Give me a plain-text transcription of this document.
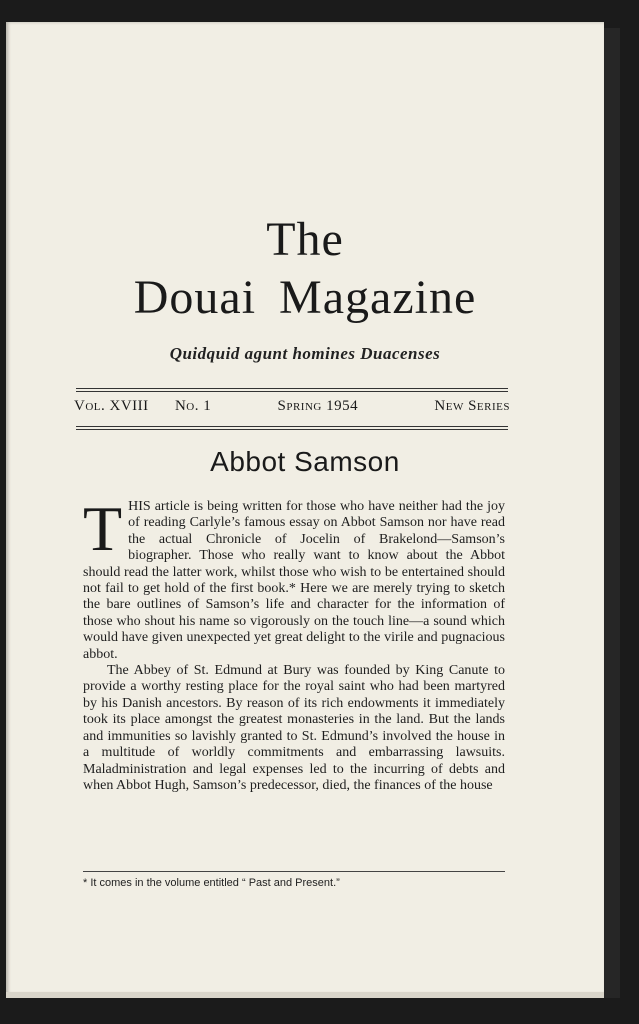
The
Douai Magazine
Quidquid agunt homines Duacenses
Vol. XVIII No. 1	Spring 1954	New Series
Abbot Samson

THIS article is being written for those who have neither had the joy of reading Carlyle’s famous essay on Abbot Samson nor have read the actual Chronicle of Jocelin of Brakelond—Samson’s biographer. Those who really want to know about the Abbot should read the latter work, whilst those who wish to be entertained should not fail to get hold of the first book.* Here we are merely trying to sketch the bare outlines of Samson’s life and character for the information of those who shout his name so vigorously on the touch line—a sound which would have given unexpected yet great delight to the virile and pugnacious abbot.

The Abbey of St. Edmund at Bury was founded by King Canute to provide a worthy resting place for the royal saint who had been martyred by his Danish ancestors. By reason of its rich endowments it immediately took its place amongst the greatest monasteries in the land. But the lands and immunities so lavishly granted to St. Edmund’s involved the house in a multitude of worldly commitments and embarrassing lawsuits. Maladministration and legal expenses led to the incurring of debts and when Abbot Hugh, Samson’s predecessor, died, the finances of the house

* It comes in the volume entitled “ Past and Present.”
